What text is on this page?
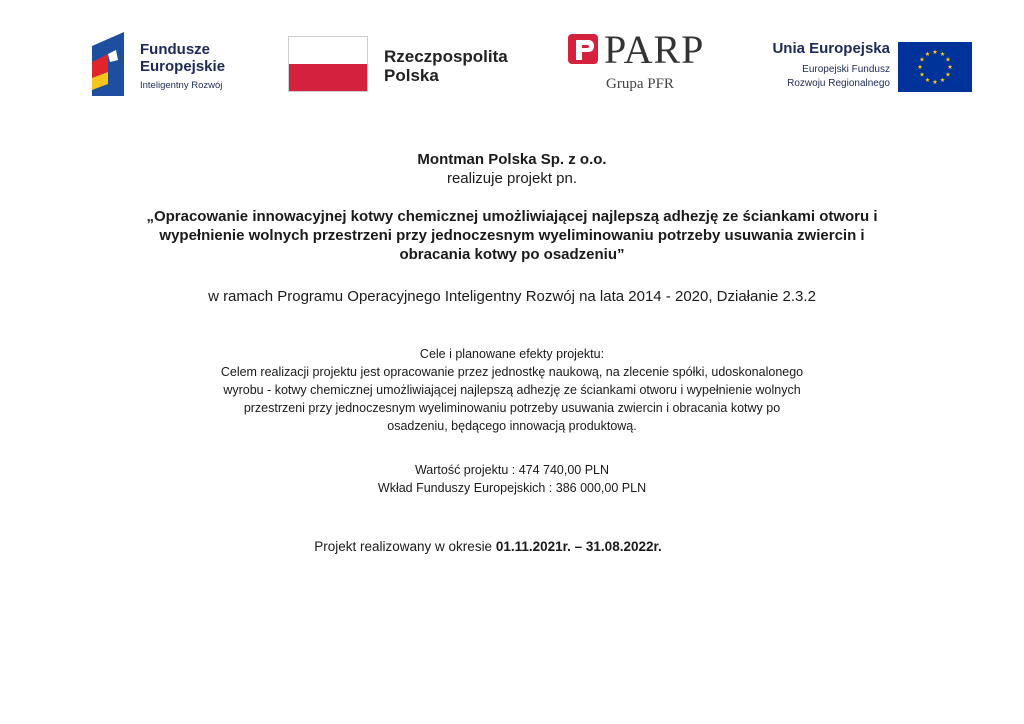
Fundusze
Europejskie
Inteligentny Rozwój
Rzeczpospolita
Polska
PARP
Grupa PFR
Unia Europejska
Europejski Fundusz
Rozwoju Regionalnego
Montman Polska Sp. z o.o.
realizuje projekt pn.
„Opracowanie innowacyjnej kotwy chemicznej umożliwiającej najlepszą adhezję ze ściankami otworu i
wypełnienie wolnych przestrzeni przy jednoczesnym wyeliminowaniu potrzeby usuwania zwiercin i
obracania kotwy po osadzeniu”
w ramach Programu Operacyjnego Inteligentny Rozwój na lata 2014 - 2020, Działanie 2.3.2
Cele i planowane efekty projektu:
Celem realizacji projektu jest opracowanie przez jednostkę naukową, na zlecenie spółki, udoskonalonego
wyrobu - kotwy chemicznej umożliwiającej najlepszą adhezję ze ściankami otworu i wypełnienie wolnych
przestrzeni przy jednoczesnym wyeliminowaniu potrzeby usuwania zwiercin i obracania kotwy po
osadzeniu, będącego innowacją produktową.
Wartość projektu : 474 740,00 PLN
Wkład Funduszy Europejskich : 386 000,00 PLN
Projekt realizowany w okresie 01.11.2021r. – 31.08.2022r.
